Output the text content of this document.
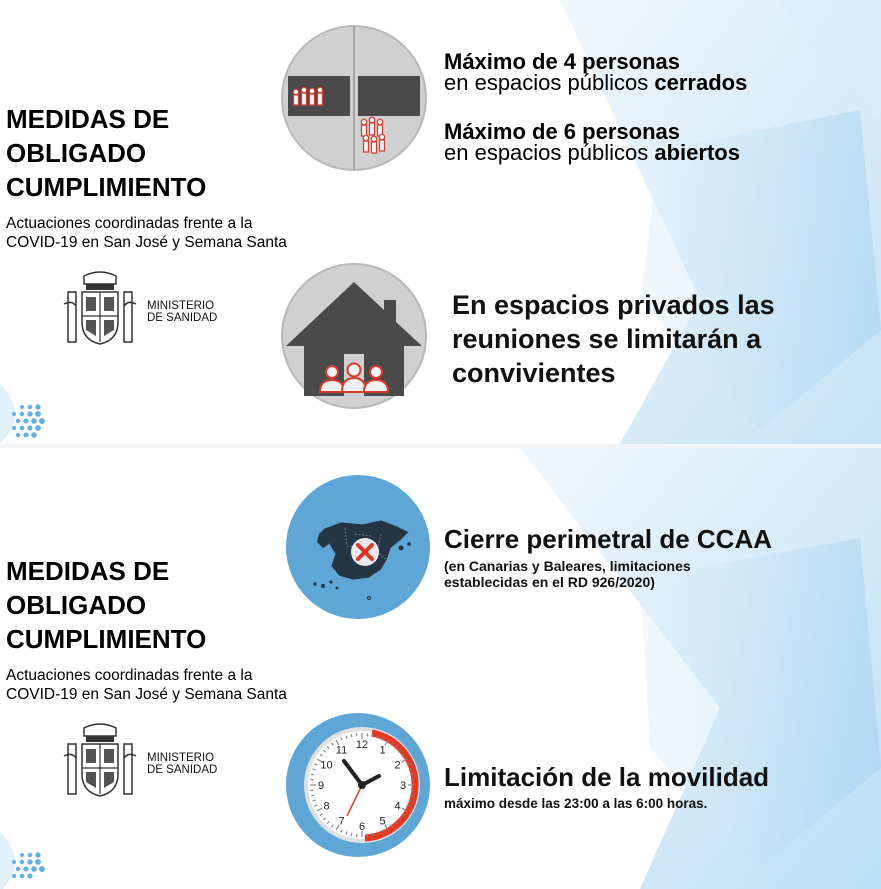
MEDIDAS DE
OBLIGADO
CUMPLIMIENTO
Actuaciones coordinadas frente a la
COVID-19 en San José y Semana Santa
MINISTERIO
DE SANIDAD
Máximo de 4 personas
en espacios públicos cerrados
Máximo de 6 personas
en espacios públicos abiertos
En espacios privados las
reuniones se limitarán a
convivientes
MEDIDAS DE
OBLIGADO
CUMPLIMIENTO
Actuaciones coordinadas frente a la
COVID-19 en San José y Semana Santa
MINISTERIO
DE SANIDAD
Cierre perimetral de CCAA
(en Canarias y Baleares, limitaciones
establecidas en el RD 926/2020)
12 1
2
3
4
5
6
7
8
9
10
11
Limitación de la movilidad
máximo desde las 23:00 a las 6:00 horas.
